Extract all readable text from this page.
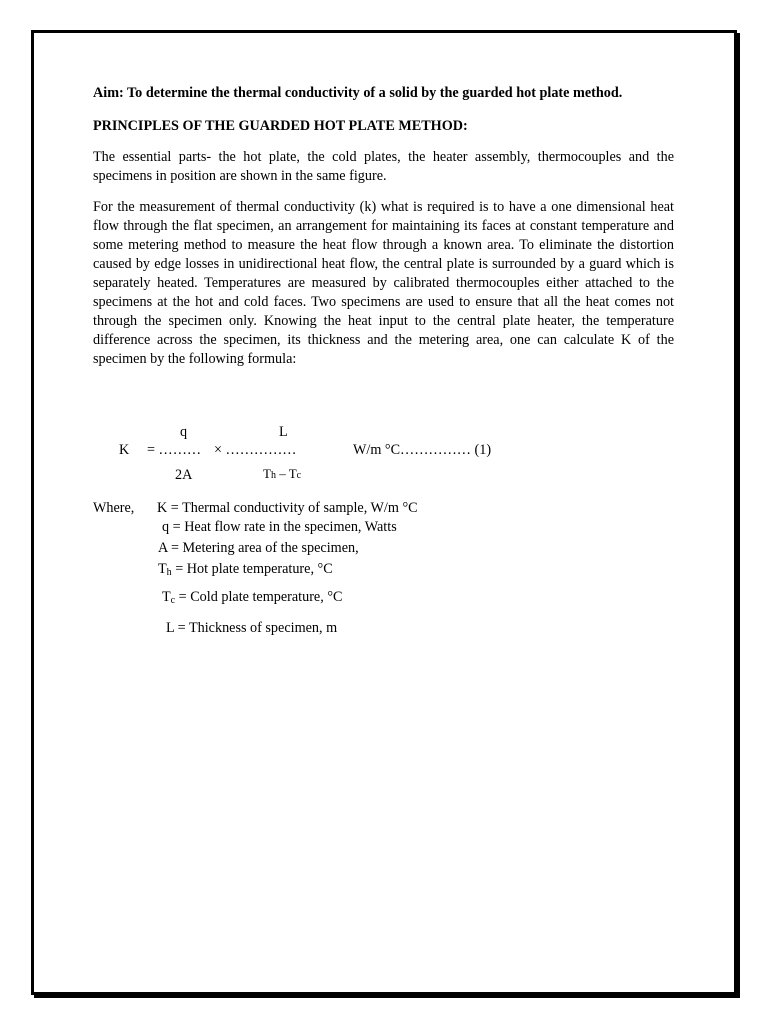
Aim: To determine the thermal conductivity of a solid by the guarded hot plate method.
PRINCIPLES OF THE GUARDED HOT PLATE METHOD:

The essential parts- the hot plate, the cold plates, the heater assembly, thermocouples and the specimens in position are shown in the same figure.

For the measurement of thermal conductivity (k) what is required is to have a one dimensional heat flow through the flat specimen, an arrangement for maintaining its faces at constant temperature and some metering method to measure the heat flow through a known area. To eliminate the distortion caused by edge losses in unidirectional heat flow, the central plate is surrounded by a guard which is separately heated. Temperatures are measured by calibrated thermocouples either attached to the specimens at the hot and cold faces. Two specimens are used to ensure that all the heat comes not through the specimen only. Knowing the heat input to the central plate heater, the temperature difference across the specimen, its thickness and the metering area, one can calculate K of the specimen by the following formula:

q	L
K = ……… × ……………	W/m °C…………… (1)
2A	Th – Tc
Where, K = Thermal conductivity of sample, W/m °C
q = Heat flow rate in the specimen, Watts
A = Metering area of the specimen,
$T_h$ = Hot plate temperature, °C
$T_c$ = Cold plate temperature, °C
L = Thickness of specimen, m
